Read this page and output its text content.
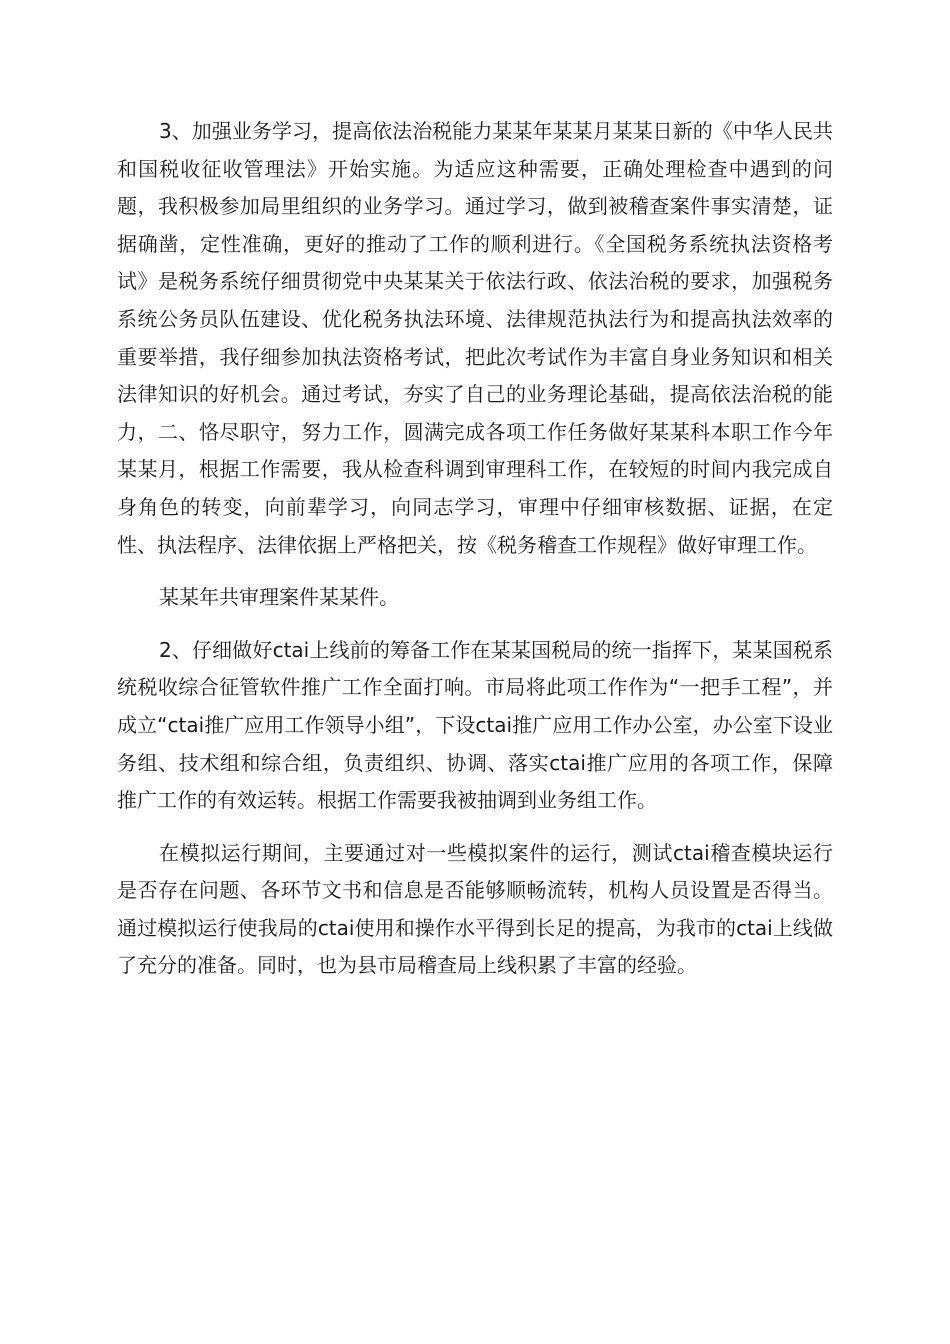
3、加强业务学习，提高依法治税能力某某年某某月某某日新的《中华人民共和国税收征收管理法》开始实施。为适应这种需要，正确处理检查中遇到的问题，我积极参加局里组织的业务学习。通过学习，做到被稽查案件事实清楚，证据确凿，定性准确，更好的推动了工作的顺利进行。《全国税务系统执法资格考试》是税务系统仔细贯彻党中央某某关于依法行政、依法治税的要求，加强税务系统公务员队伍建设、优化税务执法环境、法律规范执法行为和提高执法效率的重要举措，我仔细参加执法资格考试，把此次考试作为丰富自身业务知识和相关法律知识的好机会。通过考试，夯实了自己的业务理论基础，提高依法治税的能力，二、恪尽职守，努力工作，圆满完成各项工作任务做好某某科本职工作今年某某月，根据工作需要，我从检查科调到审理科工作，在较短的时间内我完成自身角色的转变，向前辈学习，向同志学习，审理中仔细审核数据、证据，在定性、执法程序、法律依据上严格把关，按《税务稽查工作规程》做好审理工作。

某某年共审理案件某某件。

2、仔细做好ctai上线前的筹备工作在某某国税局的统一指挥下，某某国税系统税收综合征管软件推广工作全面打响。市局将此项工作作为“一把手工程”，并成立“ctai推广应用工作领导小组”，下设ctai推广应用工作办公室，办公室下设业务组、技术组和综合组，负责组织、协调、落实ctai推广应用的各项工作，保障推广工作的有效运转。根据工作需要我被抽调到业务组工作。

在模拟运行期间，主要通过对一些模拟案件的运行，测试ctai稽查模块运行是否存在问题、各环节文书和信息是否能够顺畅流转，机构人员设置是否得当。通过模拟运行使我局的ctai使用和操作水平得到长足的提高，为我市的ctai上线做了充分的准备。同时，也为县市局稽查局上线积累了丰富的经验。
